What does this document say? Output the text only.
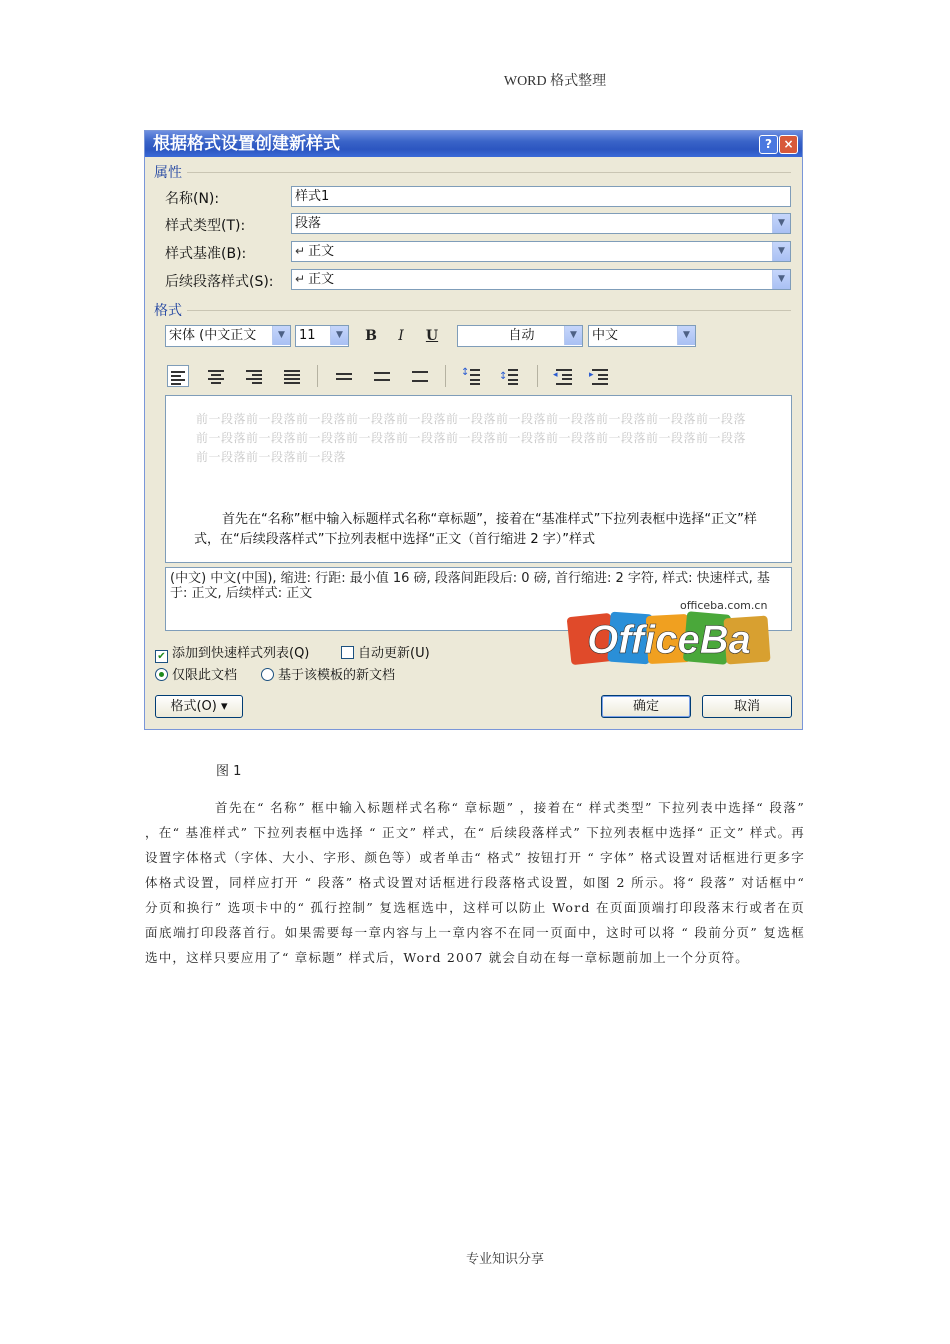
WORD 格式整理
根据格式设置创建新样式	? ×
属性
名称(N):	样式1
样式类型(T):	段落	▼
样式基准(B):	↵ 正文	▼
后续段落样式(S):	↵ 正文	▼
格式
宋体 (中文正文	▼	11	▼	B	I	U	自动	▼	中文	▼
↕	↕	◂	▸
前一段落前一段落前一段落前一段落前一段落前一段落前一段落前一段落前一段落前一段落前一段落前一段落前一段落前一段落前一段落前一段落前一段落前一段落前一段落前一段落前一段落前一段落前一段落前一段落前一段落
首先在“名称”框中输入标题样式名称“章标题”，接着在“基准样式”下拉列表框中选择“正文”样式，在“后续段落样式”下拉列表框中选择“正文（首行缩进 2 字）”样式
(中文) 中文(中国), 缩进: 行距: 最小值 16 磅, 段落间距段后: 0 磅, 首行缩进: 2 字符, 样式: 快速样式, 基于: 正文, 后续样式: 正文
officeba.com.cn
OfficeBa
✔ 添加到快速样式列表(Q)	自动更新(U)
仅限此文档	基于该模板的新文档
格式(O) ▾	确定	取消
图 1
首先在“ 名称” 框中输入标题样式名称“ 章标题” ，接着在“ 样式类型” 下拉列表中选择“ 段落” ，在“ 基准样式” 下拉列表框中选择 “ 正文” 样式，在“ 后续段落样式” 下拉列表框中选择“ 正文” 样式。再设置字体格式（字体、大小、字形、颜色等）或者单击“ 格式” 按钮打开 “ 字体” 格式设置对话框进行更多字体格式设置，同样应打开 “ 段落” 格式设置对话框进行段落格式设置，如图 2 所示。将“ 段落” 对话框中“ 分页和换行” 选项卡中的“ 孤行控制” 复选框选中，这样可以防止 Word 在页面顶端打印段落末行或者在页面底端打印段落首行。如果需要每一章内容与上一章内容不在同一页面中，这时可以将 “ 段前分页” 复选框选中，这样只要应用了“ 章标题” 样式后，Word 2007 就会自动在每一章标题前加上一个分页符。
专业知识分享
